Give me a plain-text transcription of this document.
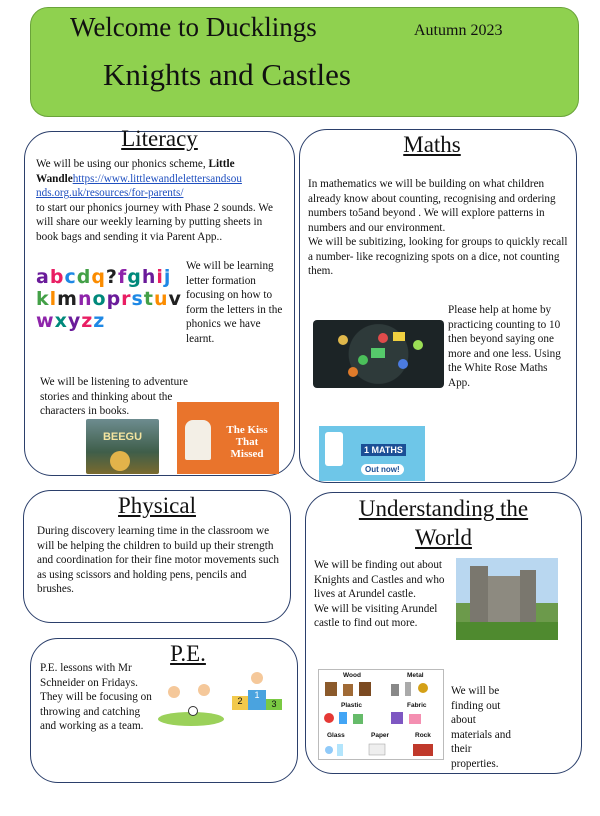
Welcome to Ducklings	Autumn 2023
Knights and Castles
Literacy
We will be using our phonics scheme, Little Wandlehttps://www.littlewandlelettersandsou
nds.org.uk/resources/for-parents/
to start our phonics journey with Phase 2 sounds. We will share our weekly learning by putting sheets in book bags and sending it via Parent App..
abcdq?fghijklmnoprstuvwxyzz
We will be learning letter formation focusing on how to form the letters in the phonics we have learnt.
We will be listening to adventure stories and thinking about the characters in books.
BEEGU
The Kiss That Missed
Maths
In mathematics we will be building on what children already know about counting, recognising and ordering numbers to5and beyond . We will explore patterns in numbers and our environment.
We will be subitizing, looking for groups to quickly recall a number- like recognizing spots on a dice, not counting them.
Please help at home by practicing counting to 10 then beyond saying one more and one less. Using the White Rose Maths App.
1 MATHS
Out now!
Physical
During discovery learning time in the classroom we will be helping the children to build up their strength and coordination for their fine motor movements such as using scissors and holding pens, pencils and brushes.
P.E.
P.E. lessons with Mr Schneider on Fridays. They will be focusing on throwing and catching and working as a team.
2
1
3
Understanding the
World
We will be finding out about Knights and Castles and who lives at Arundel castle.
We will be visiting Arundel castle to find out more.
Wood	Metal
Plastic	Fabric
Glass	Paper	Rock
We will be finding out about materials and their properties.
